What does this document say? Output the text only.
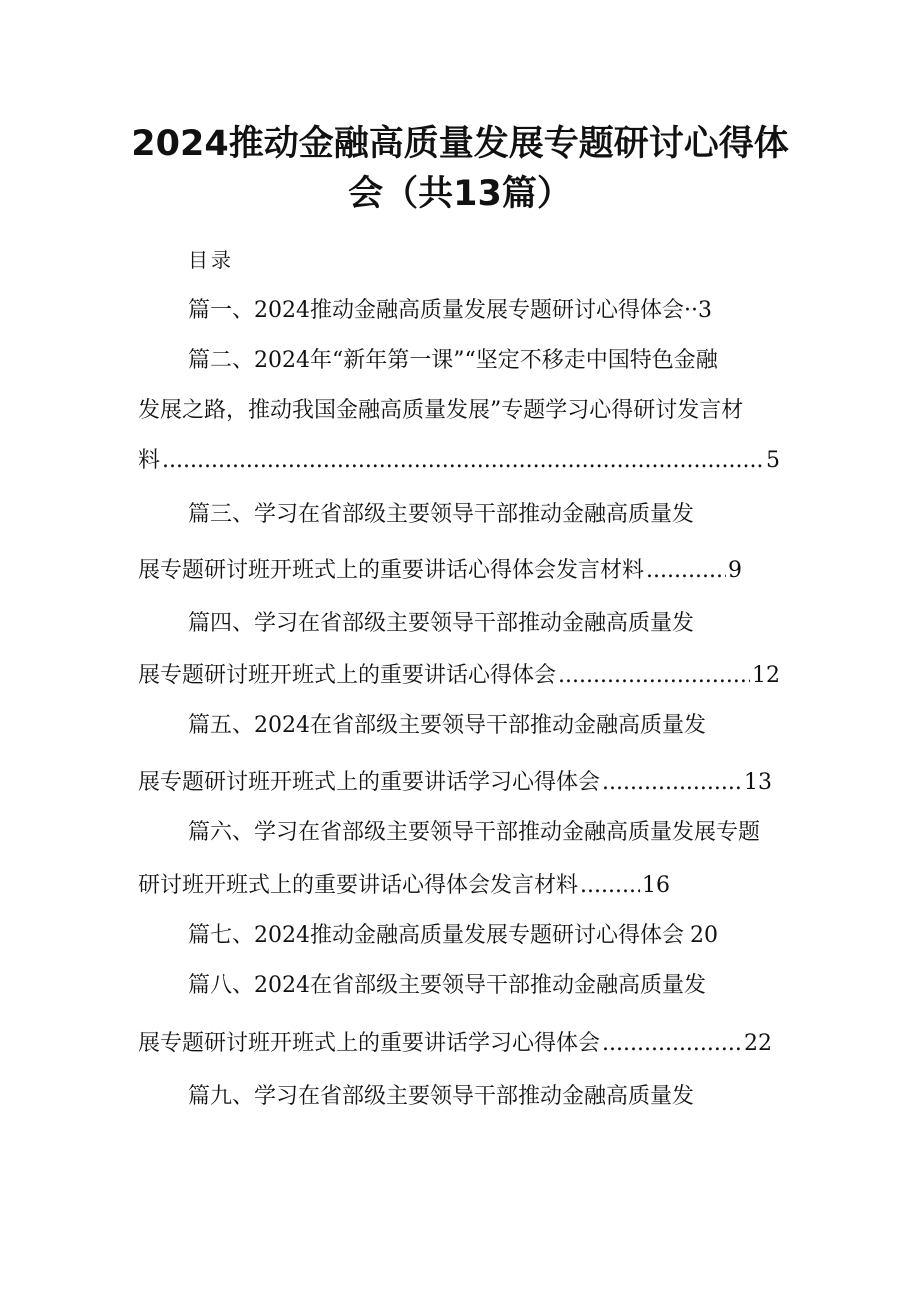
2024推动金融高质量发展专题研讨心得体
会（共13篇）
目录
篇一、2024推动金融高质量发展专题研讨心得体会·· 3
篇二、2024年“新年第一课”“坚定不移走中国特色金融
发展之路，推动我国金融高质量发展”专题学习心得研讨发言材
料 .....	5
篇三、学习在省部级主要领导干部推动金融高质量发
展专题研讨班开班式上的重要讲话心得体会发言材料 .....	9
篇四、学习在省部级主要领导干部推动金融高质量发
展专题研讨班开班式上的重要讲话心得体会 .....	12
篇五、2024在省部级主要领导干部推动金融高质量发
展专题研讨班开班式上的重要讲话学习心得体会 .....	13
篇六、学习在省部级主要领导干部推动金融高质量发展专题
研讨班开班式上的重要讲话心得体会发言材料 .....	16
篇七、2024推动金融高质量发展专题研讨心得体会 20
篇八、2024在省部级主要领导干部推动金融高质量发
展专题研讨班开班式上的重要讲话学习心得体会 .....	22
篇九、学习在省部级主要领导干部推动金融高质量发
